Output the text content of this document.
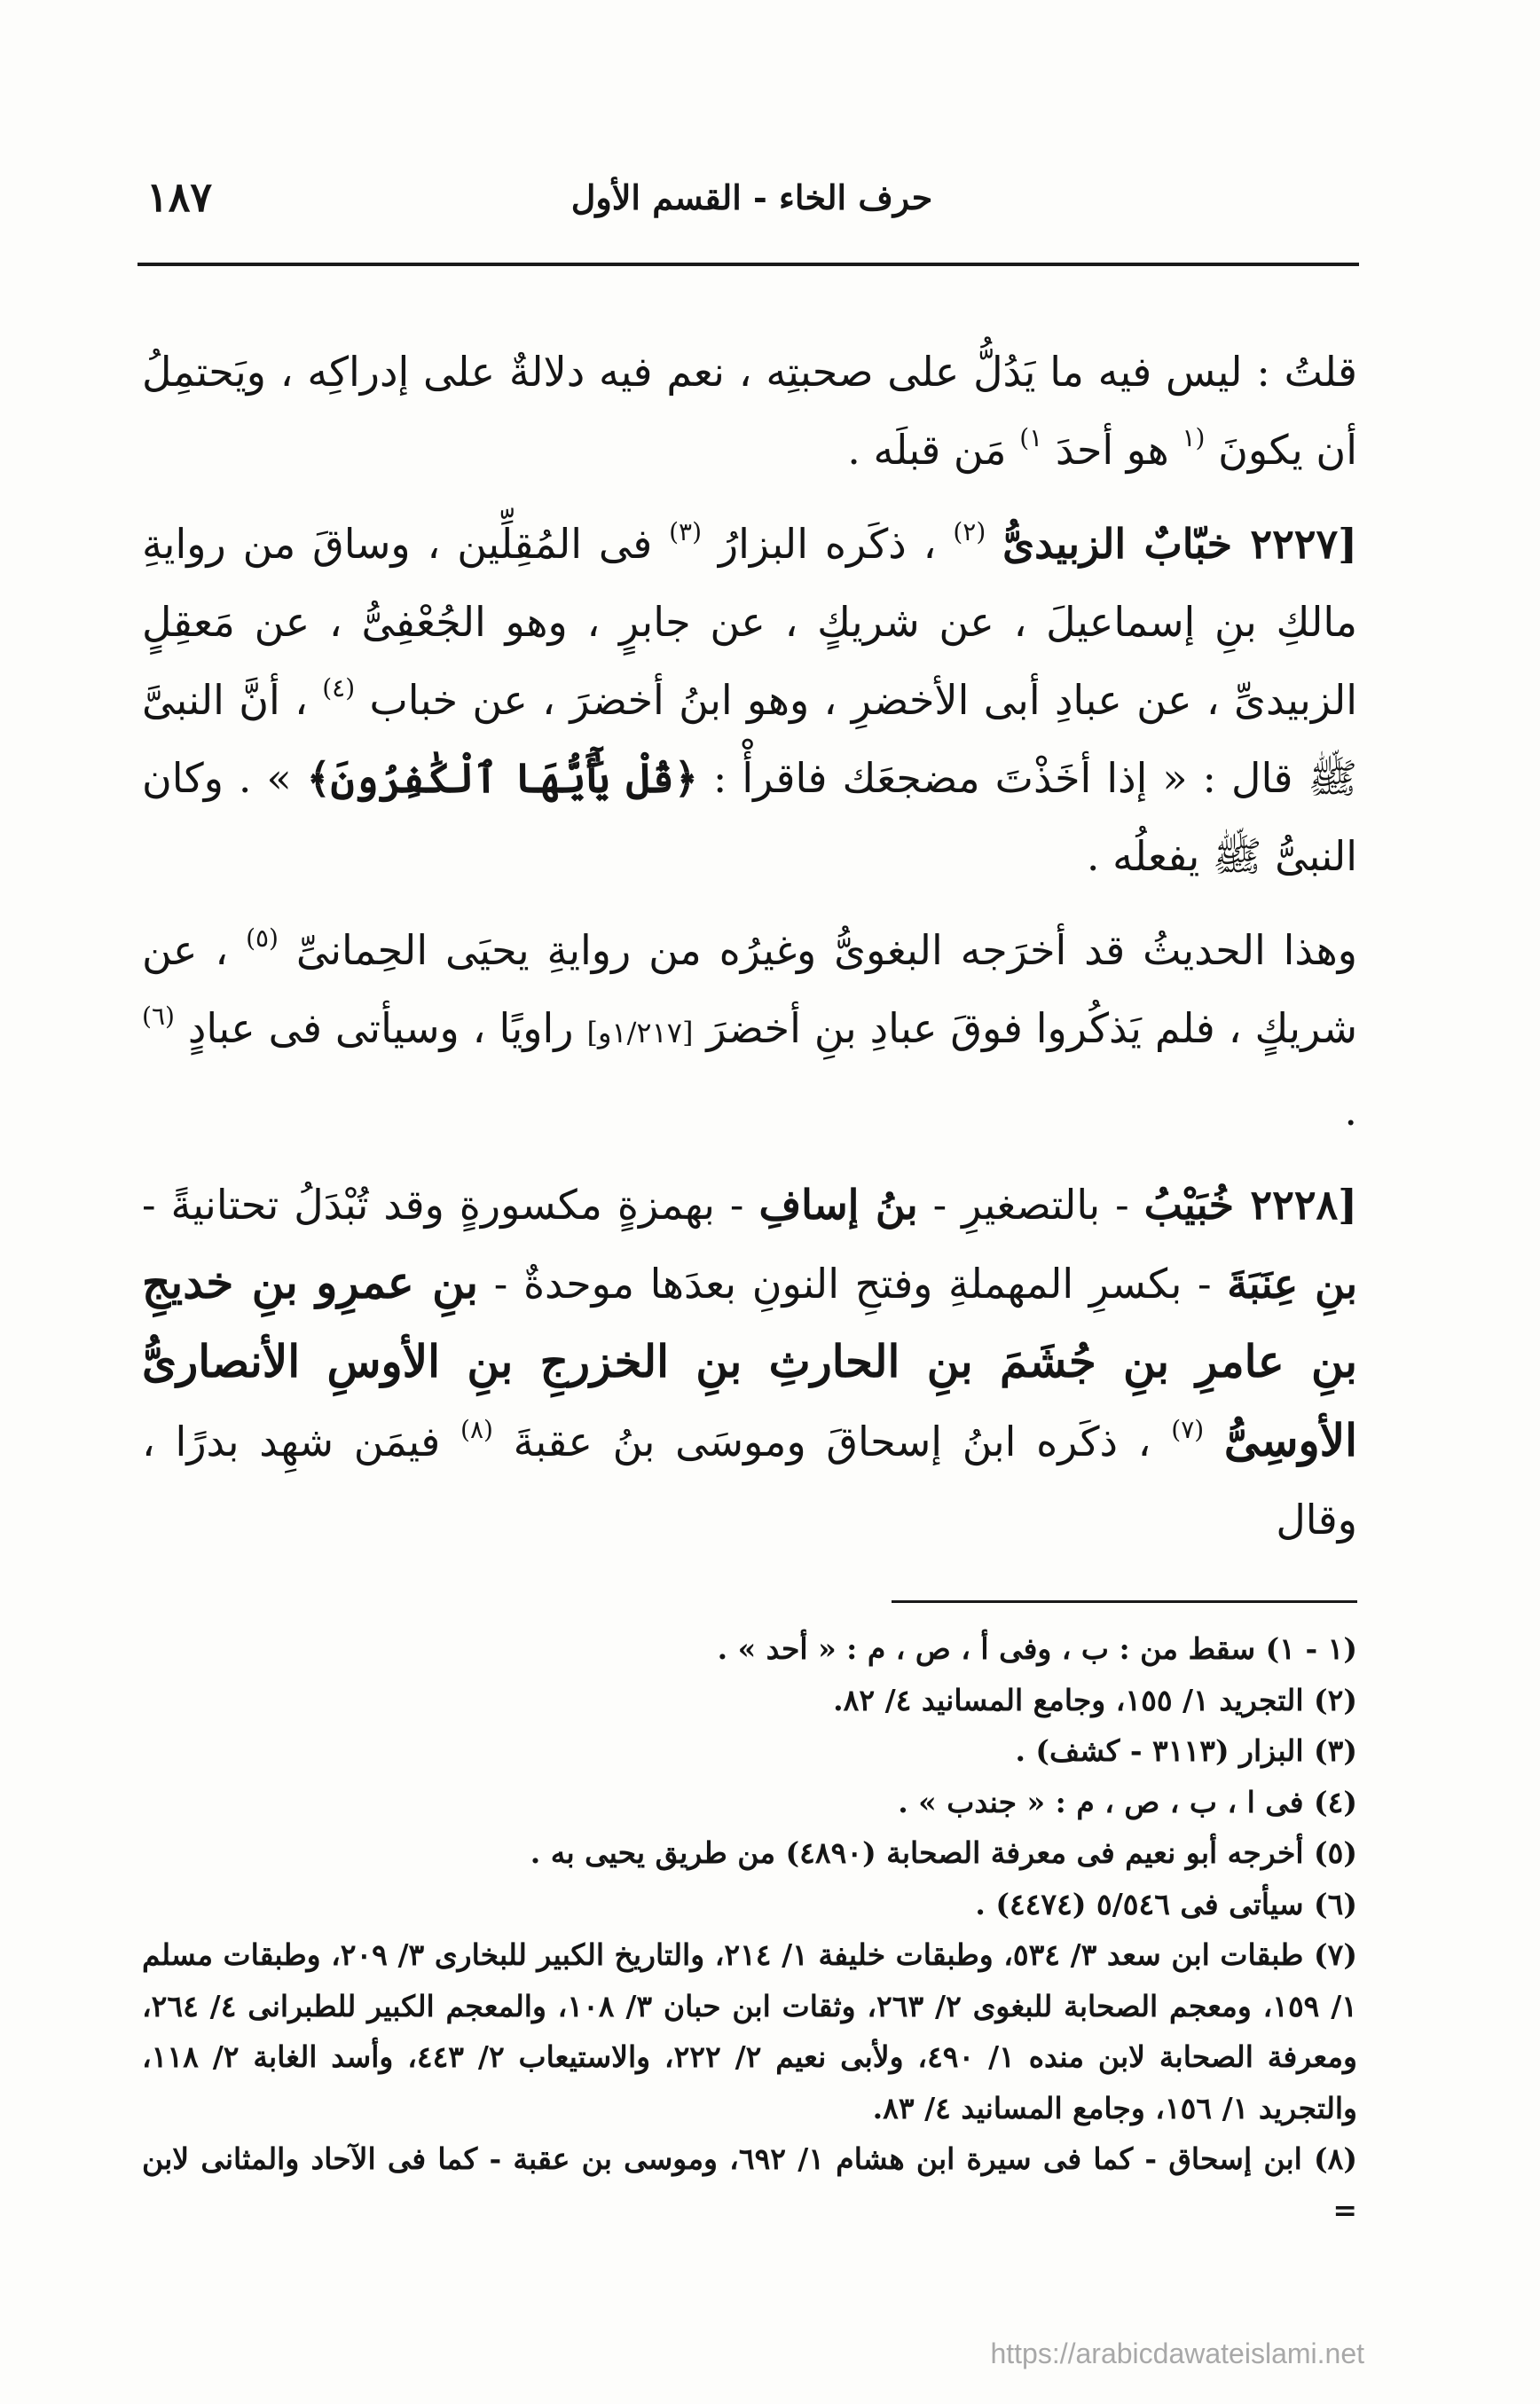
١٨٧	حرف الخاء - القسم الأول

قلتُ : ليس فيه ما يَدُلُّ على صحبتِه ، نعم فيه دلالةٌ على إدراكِه ، ويَحتمِلُ أن يكونَ $^{(١}$ هو أحدَ $^{١)}$ مَن قبلَه .

[٢٢٢٧ خبّابٌ الزبيدىُّ $^{(٢)}$ ، ذكَره البزارُ $^{(٣)}$ فى المُقِلِّين ، وساقَ من روايةِ مالكِ بنِ إسماعيلَ ، عن شريكٍ ، عن جابرٍ ، وهو الجُعْفِىُّ ، عن مَعقِلٍ الزبيدىِّ ، عن عبادِ أبى الأخضرِ ، وهو ابنُ أخضرَ ، عن خباب $^{(٤)}$ ، أنَّ النبىَّ ﷺ قال : « إذا أخَذْتَ مضجعَك فاقرأْ : ﴿قُلْ يَٰٓأَيُّهَا ٱلْكَٰفِرُونَ﴾ » . وكان النبىُّ ﷺ يفعلُه .

وهذا الحديثُ قد أخرَجه البغوىُّ وغيرُه من روايةِ يحيَى الحِمانىِّ $^{(٥)}$ ، عن شريكٍ ، فلم يَذكُروا فوقَ عبادِ بنِ أخضرَ [١/٢١٧و] راويًا ، وسيأتى فى عبادٍ $^{(٦)}$ .

[٢٢٢٨ خُبَيْبُ - بالتصغيرِ - بنُ إسافِ - بهمزةٍ مكسورةٍ وقد تُبْدَلُ تحتانيةً - بنِ عِنَبَةَ - بكسرِ المهملةِ وفتحِ النونِ بعدَها موحدةٌ - بنِ عمرِو بنِ خديجِ بنِ عامرِ بنِ جُشَمَ بنِ الحارثِ بنِ الخزرجِ بنِ الأوسِ الأنصارىُّ الأوسِىُّ $^{(٧)}$ ، ذكَره ابنُ إسحاقَ وموسَى بنُ عقبةَ $^{(٨)}$ فيمَن شهِد بدرًا ، وقال

(١ - ١) سقط من : ب ، وفى أ ، ص ، م : « أحد » .

(٢) التجريد ١/ ١٥٥، وجامع المسانيد ٤/ ٨٢.

(٣) البزار (٣١١٣ - كشف) .

(٤) فى ا ، ب ، ص ، م : « جندب » .

(٥) أخرجه أبو نعيم فى معرفة الصحابة (٤٨٩٠) من طريق يحيى به .

(٦) سيأتى فى ٥/٥٤٦ (٤٤٧٤) .

(٧) طبقات ابن سعد ٣/ ٥٣٤، وطبقات خليفة ١/ ٢١٤، والتاريخ الكبير للبخارى ٣/ ٢٠٩، وطبقات مسلم ١/ ١٥٩، ومعجم الصحابة للبغوى ٢/ ٢٦٣، وثقات ابن حبان ٣/ ١٠٨، والمعجم الكبير للطبرانى ٤/ ٢٦٤، ومعرفة الصحابة لابن منده ١/ ٤٩٠، ولأبى نعيم ٢/ ٢٢٢، والاستيعاب ٢/ ٤٤٣، وأسد الغابة ٢/ ١١٨، والتجريد ١/ ١٥٦، وجامع المسانيد ٤/ ٨٣.

(٨) ابن إسحاق - كما فى سيرة ابن هشام ١/ ٦٩٢، وموسى بن عقبة - كما فى الآحاد والمثانى لابن =

https://arabicdawateislami.net
